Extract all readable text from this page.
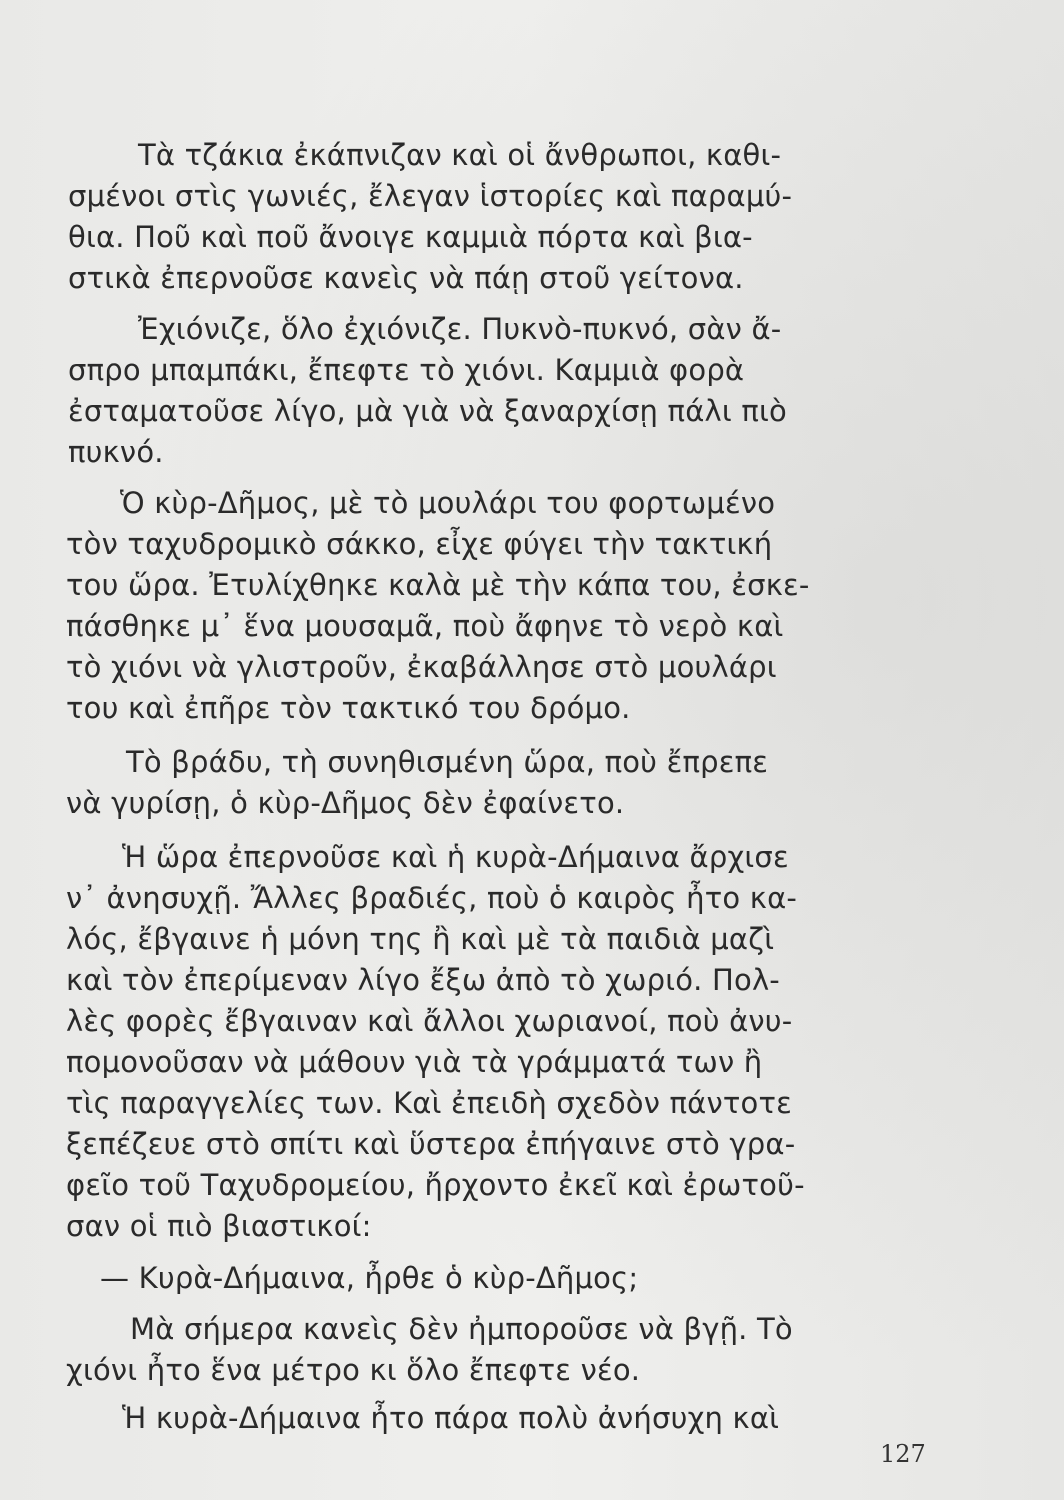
Τὰ τζάκια ἐκάπνιζαν καὶ οἱ ἄνθρωποι, καθι-

σμένοι στὶς γωνιές, ἔλεγαν ἱστορίες καὶ παραμύ-

θια. Ποῦ καὶ ποῦ ἄνοιγε καμμιὰ πόρτα καὶ βια-

στικὰ ἐπερνοῦσε κανεὶς νὰ πάῃ στοῦ γείτονα.

Ἐχιόνιζε, ὅλο ἐχιόνιζε. Πυκνὸ-πυκνό, σὰν ἄ-

σπρο μπαμπάκι, ἔπεφτε τὸ χιόνι. Καμμιὰ φορὰ

ἐσταματοῦσε λίγο, μὰ γιὰ νὰ ξαναρχίσῃ πάλι πιὸ

πυκνό.

Ὁ κὺρ-Δῆμος, μὲ τὸ μουλάρι του φορτωμένο

τὸν ταχυδρομικὸ σάκκο, εἶχε φύγει τὴν τακτική

του ὥρα. Ἐτυλίχθηκε καλὰ μὲ τὴν κάπα του, ἐσκε-

πάσθηκε μ᾿ ἕνα μουσαμᾶ, ποὺ ἄφηνε τὸ νερὸ καὶ

τὸ χιόνι νὰ γλιστροῦν, ἐκαβάλλησε στὸ μουλάρι

του καὶ ἐπῆρε τὸν τακτικό του δρόμο.

Τὸ βράδυ, τὴ συνηθισμένη ὥρα, ποὺ ἔπρεπε

νὰ γυρίσῃ, ὁ κὺρ-Δῆμος δὲν ἐφαίνετο.

Ἡ ὥρα ἐπερνοῦσε καὶ ἡ κυρὰ-Δήμαινα ἄρχισε

ν᾿ ἀνησυχῇ. Ἄλλες βραδιές, ποὺ ὁ καιρὸς ἦτο κα-

λός, ἔβγαινε ἡ μόνη της ἢ καὶ μὲ τὰ παιδιὰ μαζὶ

καὶ τὸν ἐπερίμεναν λίγο ἔξω ἀπὸ τὸ χωριό. Πολ-

λὲς φορὲς ἔβγαιναν καὶ ἄλλοι χωριανοί, ποὺ ἀνυ-

πομονοῦσαν νὰ μάθουν γιὰ τὰ γράμματά των ἢ

τὶς παραγγελίες των. Καὶ ἐπειδὴ σχεδὸν πάντοτε

ξεπέζευε στὸ σπίτι καὶ ὕστερα ἐπήγαινε στὸ γρα-

φεῖο τοῦ Ταχυδρομείου, ἤρχοντο ἐκεῖ καὶ ἐρωτοῦ-

σαν οἱ πιὸ βιαστικοί:

— Κυρὰ-Δήμαινα, ἦρθε ὁ κὺρ-Δῆμος;

Μὰ σήμερα κανεὶς δὲν ἠμποροῦσε νὰ βγῇ. Τὸ

χιόνι ἦτο ἕνα μέτρο κι ὅλο ἔπεφτε νέο.

Ἡ κυρὰ-Δήμαινα ἦτο πάρα πολὺ ἀνήσυχη καὶ

127
